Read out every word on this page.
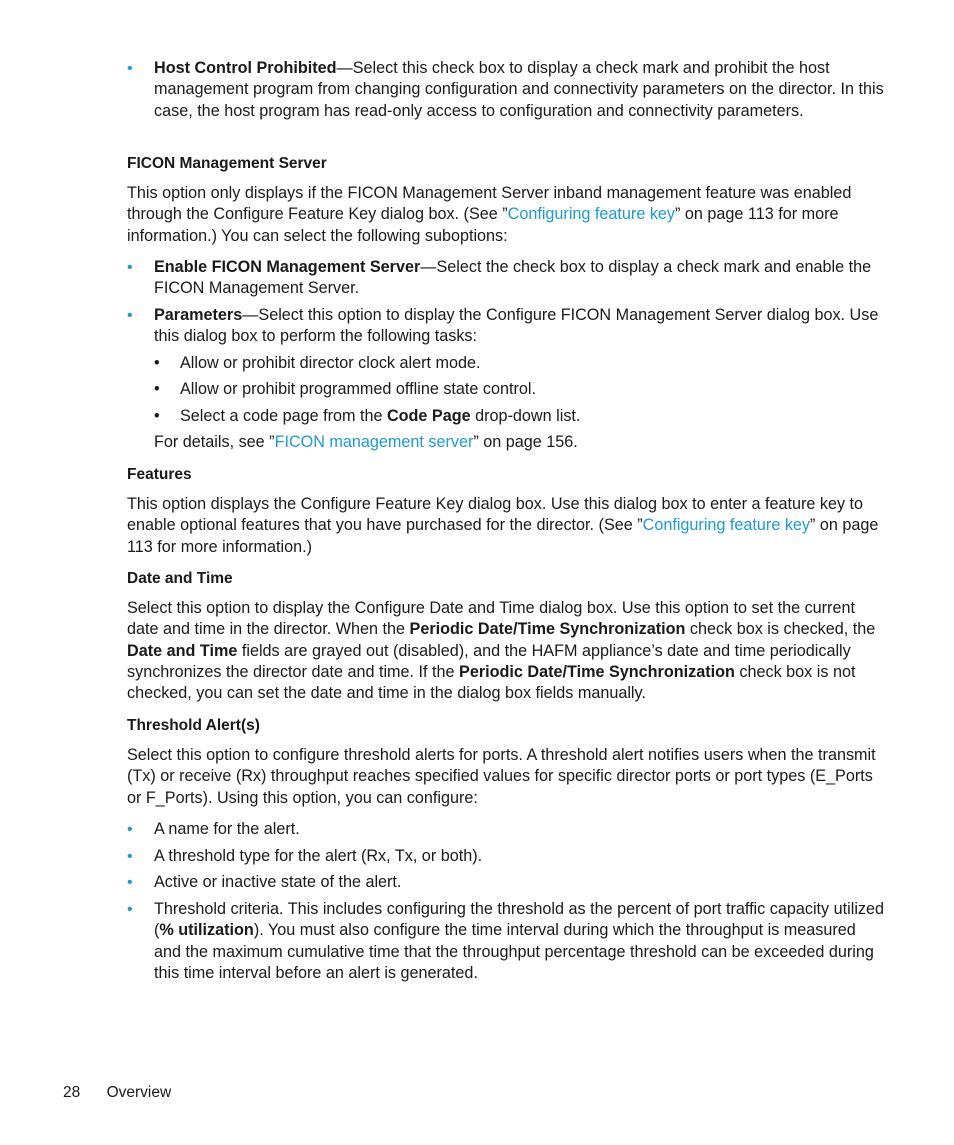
• Host Control Prohibited—Select this check box to display a check mark and prohibit the host management program from changing configuration and connectivity parameters on the director. In this case, the host program has read-only access to configuration and connectivity parameters.
FICON Management Server
This option only displays if the FICON Management Server inband management feature was enabled through the Configure Feature Key dialog box. (See ”Configuring feature key” on page 113 for more information.) You can select the following suboptions:
• Enable FICON Management Server—Select the check box to display a check mark and enable the FICON Management Server.
• Parameters—Select this option to display the Configure FICON Management Server dialog box. Use this dialog box to perform the following tasks:
• Allow or prohibit director clock alert mode.
• Allow or prohibit programmed offline state control.
• Select a code page from the Code Page drop-down list.
For details, see ”FICON management server” on page 156.
Features
This option displays the Configure Feature Key dialog box. Use this dialog box to enter a feature key to enable optional features that you have purchased for the director. (See ”Configuring feature key” on page 113 for more information.)
Date and Time
Select this option to display the Configure Date and Time dialog box. Use this option to set the current date and time in the director. When the Periodic Date/Time Synchronization check box is checked, the Date and Time fields are grayed out (disabled), and the HAFM appliance’s date and time periodically synchronizes the director date and time. If the Periodic Date/Time Synchronization check box is not checked, you can set the date and time in the dialog box fields manually.
Threshold Alert(s)
Select this option to configure threshold alerts for ports. A threshold alert notifies users when the transmit (Tx) or receive (Rx) throughput reaches specified values for specific director ports or port types (E_Ports or F_Ports). Using this option, you can configure:
• A name for the alert.
• A threshold type for the alert (Rx, Tx, or both).
• Active or inactive state of the alert.
• Threshold criteria. This includes configuring the threshold as the percent of port traffic capacity utilized (% utilization). You must also configure the time interval during which the throughput is measured and the maximum cumulative time that the throughput percentage threshold can be exceeded during this time interval before an alert is generated.
28 Overview
